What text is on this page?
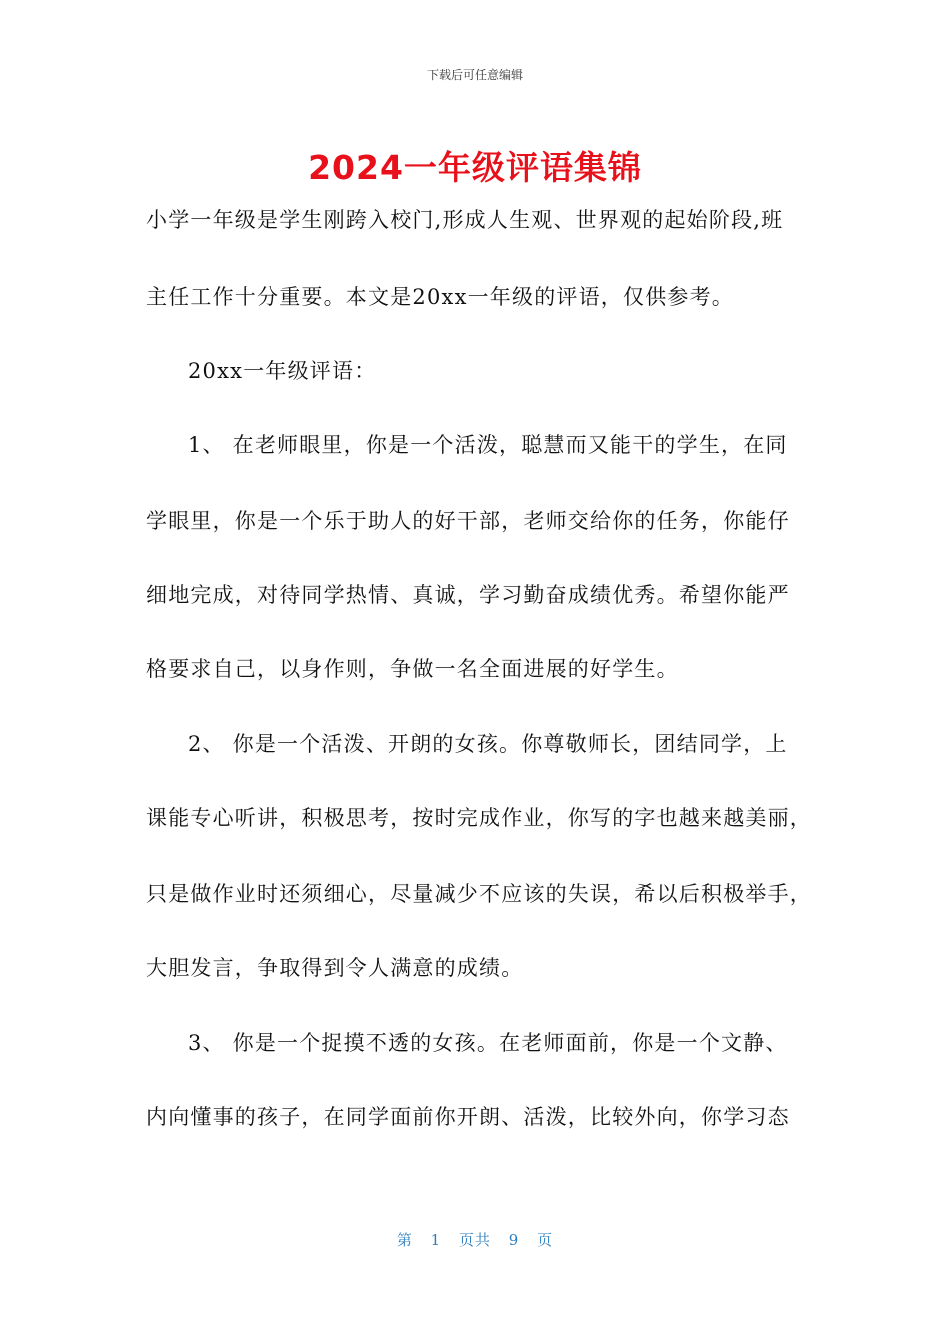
下载后可任意编辑
2024一年级评语集锦
小学一年级是学生刚跨入校门,形成人生观、世界观的起始阶段,班
主任工作十分重要。本文是20xx一年级的评语，仅供参考。
20xx一年级评语：
1、 在老师眼里，你是一个活泼，聪慧而又能干的学生，在同
学眼里，你是一个乐于助人的好干部，老师交给你的任务，你能仔
细地完成，对待同学热情、真诚，学习勤奋成绩优秀。希望你能严
格要求自己，以身作则，争做一名全面进展的好学生。
2、 你是一个活泼、开朗的女孩。你尊敬师长，团结同学，上
课能专心听讲，积极思考，按时完成作业，你写的字也越来越美丽，
只是做作业时还须细心，尽量减少不应该的失误，希以后积极举手，
大胆发言，争取得到令人满意的成绩。
3、 你是一个捉摸不透的女孩。在老师面前，你是一个文静、
内向懂事的孩子，在同学面前你开朗、活泼，比较外向，你学习态
第 1 页共 9 页
